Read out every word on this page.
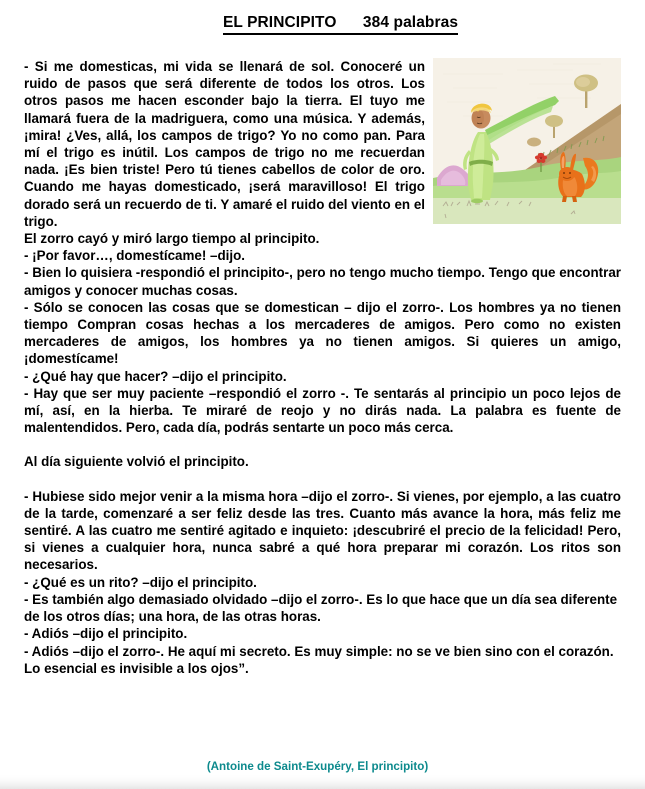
EL PRINCIPITO      384 palabras

- Si me domesticas, mi vida se llenará de sol. Conoceré un ruido de pasos que será diferente de todos los otros. Los otros pasos me hacen esconder bajo la tierra. El tuyo me llamará fuera de la madriguera, como una música. Y además, ¡mira! ¿Ves, allá, los campos de trigo? Yo no como pan. Para mí el trigo es inútil. Los campos de trigo no me recuerdan nada. ¡Es bien triste! Pero tú tienes cabellos de color de oro. Cuando me hayas domesticado, ¡será maravilloso! El trigo dorado será un recuerdo de ti. Y amaré el ruido del viento en el trigo.

El zorro cayó y miró largo tiempo al principito.

- ¡Por favor…, domestícame! –dijo.

- Bien lo quisiera -respondió el principito-, pero no tengo mucho tiempo. Tengo que encontrar amigos y conocer muchas cosas.

- Sólo se conocen las cosas que se domestican – dijo el zorro-. Los hombres ya no tienen tiempo Compran cosas hechas a los mercaderes de amigos. Pero como no existen mercaderes de amigos, los hombres ya no tienen amigos. Si quieres un amigo, ¡domestícame!

- ¿Qué hay que hacer? –dijo el principito.

- Hay que ser muy paciente –respondió el zorro -. Te sentarás al principio un poco lejos de mí, así, en la hierba. Te miraré de reojo y no dirás nada. La palabra es fuente de malentendidos. Pero, cada día, podrás sentarte un poco más cerca.

Al día siguiente volvió el principito.

- Hubiese sido mejor venir a la misma hora –dijo el zorro-. Si vienes, por ejemplo, a las cuatro de la tarde, comenzaré a ser feliz desde las tres. Cuanto más avance la hora, más feliz me sentiré. A las cuatro me sentiré agitado e inquieto: ¡descubriré el precio de la felicidad! Pero, si vienes a cualquier hora, nunca sabré a qué hora preparar mi corazón. Los ritos son necesarios.

- ¿Qué es un rito? –dijo el principito.

- Es también algo demasiado olvidado –dijo el zorro-. Es lo que hace que un día sea diferente de los otros días; una hora, de las otras horas.

- Adiós –dijo el principito.

- Adiós –dijo el zorro-. He aquí mi secreto. Es muy simple: no se ve bien sino con el corazón. Lo esencial es invisible a los ojos”.

(Antoine de Saint-Exupéry, El principito)
